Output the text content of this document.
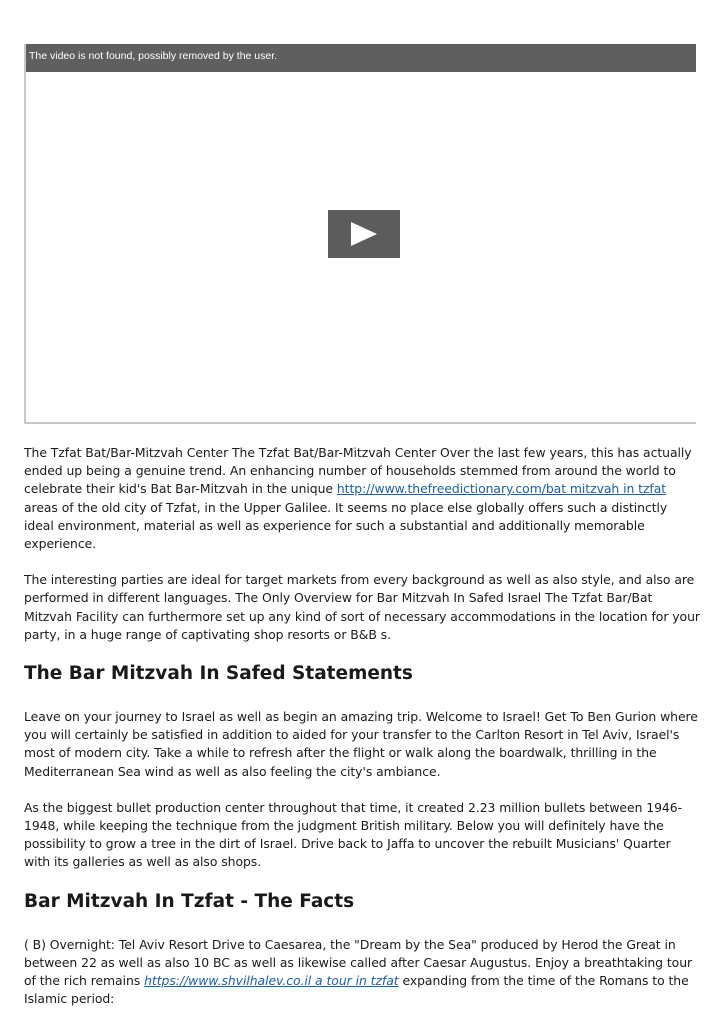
The video is not found, possibly removed by the user.

The Tzfat Bat/Bar-Mitzvah Center The Tzfat Bat/Bar-Mitzvah Center Over the last few years, this has actually ended up being a genuine trend. An enhancing number of households stemmed from around the world to celebrate their kid's Bat Bar-Mitzvah in the unique http://www.thefreedictionary.com/bat mitzvah in tzfat areas of the old city of Tzfat, in the Upper Galilee. It seems no place else globally offers such a distinctly ideal environment, material as well as experience for such a substantial and additionally memorable experience.

The interesting parties are ideal for target markets from every background as well as also style, and also are performed in different languages. The Only Overview for Bar Mitzvah In Safed Israel The Tzfat Bar/Bat Mitzvah Facility can furthermore set up any kind of sort of necessary accommodations in the location for your party, in a huge range of captivating shop resorts or B&B s.

The Bar Mitzvah In Safed Statements

Leave on your journey to Israel as well as begin an amazing trip. Welcome to Israel! Get To Ben Gurion where you will certainly be satisfied in addition to aided for your transfer to the Carlton Resort in Tel Aviv, Israel's most of modern city. Take a while to refresh after the flight or walk along the boardwalk, thrilling in the Mediterranean Sea wind as well as also feeling the city's ambiance.

As the biggest bullet production center throughout that time, it created 2.23 million bullets between 1946- 1948, while keeping the technique from the judgment British military. Below you will definitely have the possibility to grow a tree in the dirt of Israel. Drive back to Jaffa to uncover the rebuilt Musicians' Quarter with its galleries as well as also shops.

Bar Mitzvah In Tzfat - The Facts

( B) Overnight: Tel Aviv Resort Drive to Caesarea, the "Dream by the Sea" produced by Herod the Great in between 22 as well as also 10 BC as well as likewise called after Caesar Augustus. Enjoy a breathtaking tour of the rich remains https://www.shvilhalev.co.il a tour in tzfat expanding from the time of the Romans to the Islamic period:
